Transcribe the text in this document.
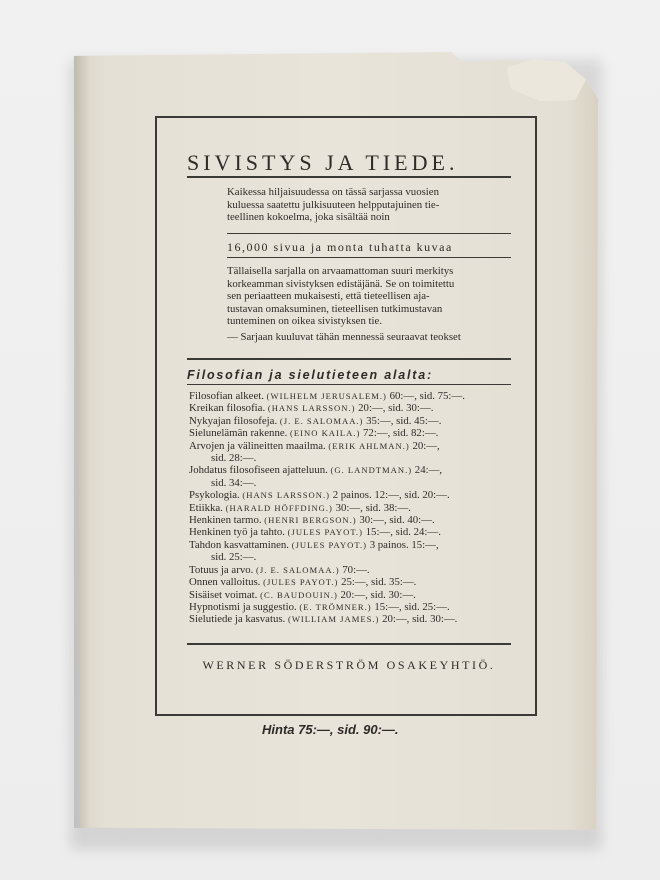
SIVISTYS JA TIEDE.
Kaikessa hiljaisuudessa on tässä sarjassa vuosien
kuluessa saatettu julkisuuteen helpputajuinen tie-
teellinen kokoelma, joka sisältää noin
16,000 sivua ja monta tuhatta kuvaa
Tällaisella sarjalla on arvaamattoman suuri merkitys
korkeamman sivistyksen edistäjänä. Se on toimitettu
sen periaatteen mukaisesti, että tieteellisen aja-
tustavan omaksuminen, tieteellisen tutkimustavan
tunteminen on oikea sivistyksen tie.
— Sarjaan kuuluvat tähän mennessä seuraavat teokset
Filosofian ja sielutieteen alalta:
Filosofian alkeet. (WILHELM JERUSALEM.) 60:—, sid. 75:—.
Kreikan filosofia. (HANS LARSSON.) 20:—, sid. 30:—.
Nykyajan filosofeja. (J. E. SALOMAA.) 35:—, sid. 45:—.
Sielunelämän rakenne. (EINO KAILA.) 72:—, sid. 82:—.
Arvojen ja välineitten maailma. (ERIK AHLMAN.) 20:—,
sid. 28:—.
Johdatus filosofiseen ajatteluun. (G. LANDTMAN.) 24:—,
sid. 34:—.
Psykologia. (HANS LARSSON.) 2 painos. 12:—, sid. 20:—.
Etiikka. (HARALD HÖFFDING.) 30:—, sid. 38:—.
Henkinen tarmo. (HENRI BERGSON.) 30:—, sid. 40:—.
Henkinen työ ja tahto. (JULES PAYOT.) 15:—, sid. 24:—.
Tahdon kasvattaminen. (JULES PAYOT.) 3 painos. 15:—,
sid. 25:—.
Totuus ja arvo. (J. E. SALOMAA.) 70:—.
Onnen valloitus. (JULES PAYOT.) 25:—, sid. 35:—.
Sisäiset voimat. (C. BAUDOUIN.) 20:—, sid. 30:—.
Hypnotismi ja suggestio. (E. TRÖMNER.) 15:—, sid. 25:—.
Sielutiede ja kasvatus. (WILLIAM JAMES.) 20:—, sid. 30:—.
WERNER SÖDERSTRÖM OSAKEYHTIÖ.
Hinta 75:—, sid. 90:—.
